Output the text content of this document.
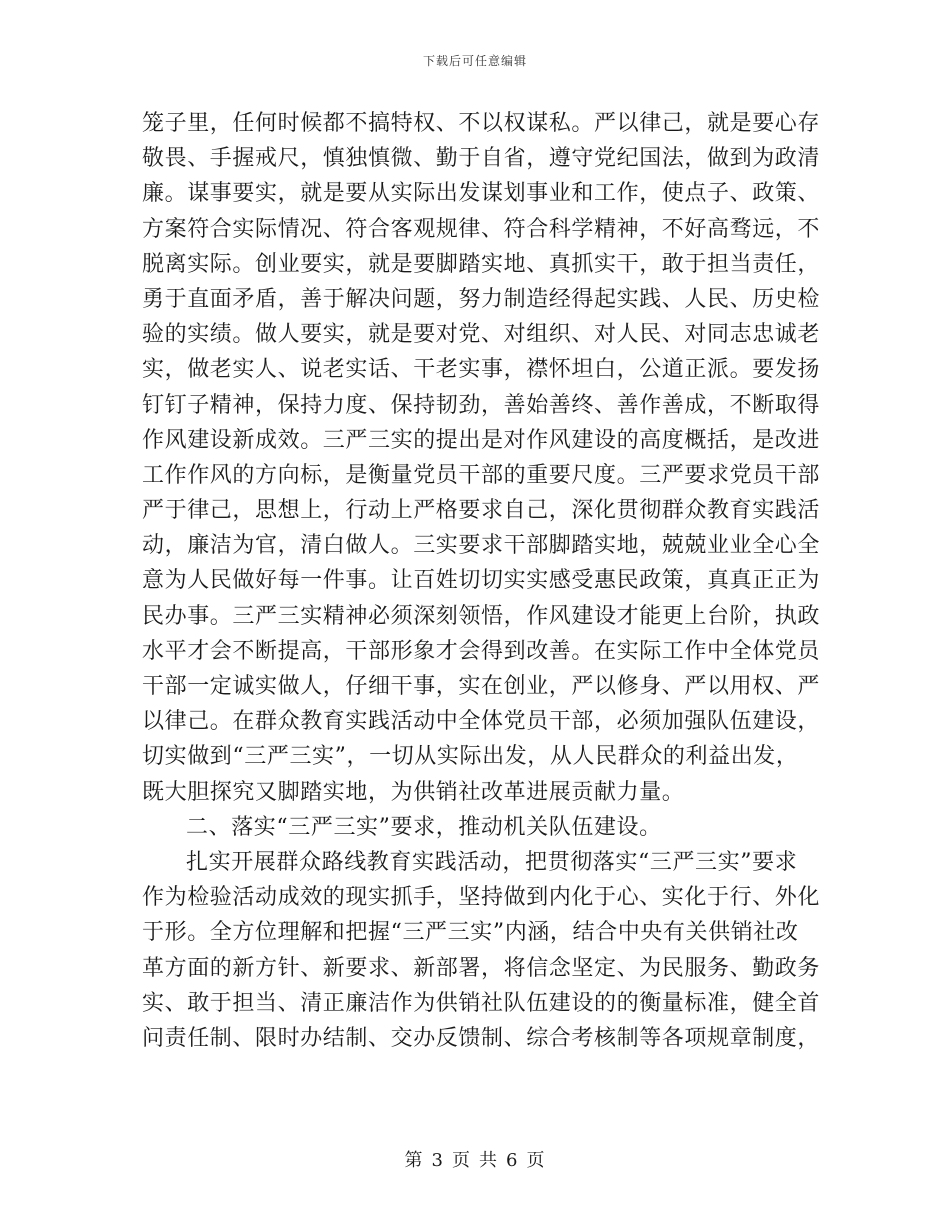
下载后可任意编辑
笼子里，任何时候都不搞特权、不以权谋私。严以律己，就是要心存
敬畏、手握戒尺，慎独慎微、勤于自省，遵守党纪国法，做到为政清
廉。谋事要实，就是要从实际出发谋划事业和工作，使点子、政策、
方案符合实际情况、符合客观规律、符合科学精神，不好高骛远，不
脱离实际。创业要实，就是要脚踏实地、真抓实干，敢于担当责任，
勇于直面矛盾，善于解决问题，努力制造经得起实践、人民、历史检
验的实绩。做人要实，就是要对党、对组织、对人民、对同志忠诚老
实，做老实人、说老实话、干老实事，襟怀坦白，公道正派。要发扬
钉钉子精神，保持力度、保持韧劲，善始善终、善作善成，不断取得
作风建设新成效。三严三实的提出是对作风建设的高度概括，是改进
工作作风的方向标，是衡量党员干部的重要尺度。三严要求党员干部
严于律己，思想上，行动上严格要求自己，深化贯彻群众教育实践活
动，廉洁为官，清白做人。三实要求干部脚踏实地，兢兢业业全心全
意为人民做好每一件事。让百姓切切实实感受惠民政策，真真正正为
民办事。三严三实精神必须深刻领悟，作风建设才能更上台阶，执政
水平才会不断提高，干部形象才会得到改善。在实际工作中全体党员
干部一定诚实做人，仔细干事，实在创业，严以修身、严以用权、严
以律己。在群众教育实践活动中全体党员干部，必须加强队伍建设，
切实做到“三严三实”，一切从实际出发，从人民群众的利益出发，
既大胆探究又脚踏实地，为供销社改革进展贡献力量。
二、落实“三严三实”要求，推动机关队伍建设。
扎实开展群众路线教育实践活动，把贯彻落实“三严三实”要求
作为检验活动成效的现实抓手，坚持做到内化于心、实化于行、外化
于形。全方位理解和把握“三严三实”内涵，结合中央有关供销社改
革方面的新方针、新要求、新部署，将信念坚定、为民服务、勤政务
实、敢于担当、清正廉洁作为供销社队伍建设的的衡量标准，健全首
问责任制、限时办结制、交办反馈制、综合考核制等各项规章制度，
第 3 页 共 6 页
